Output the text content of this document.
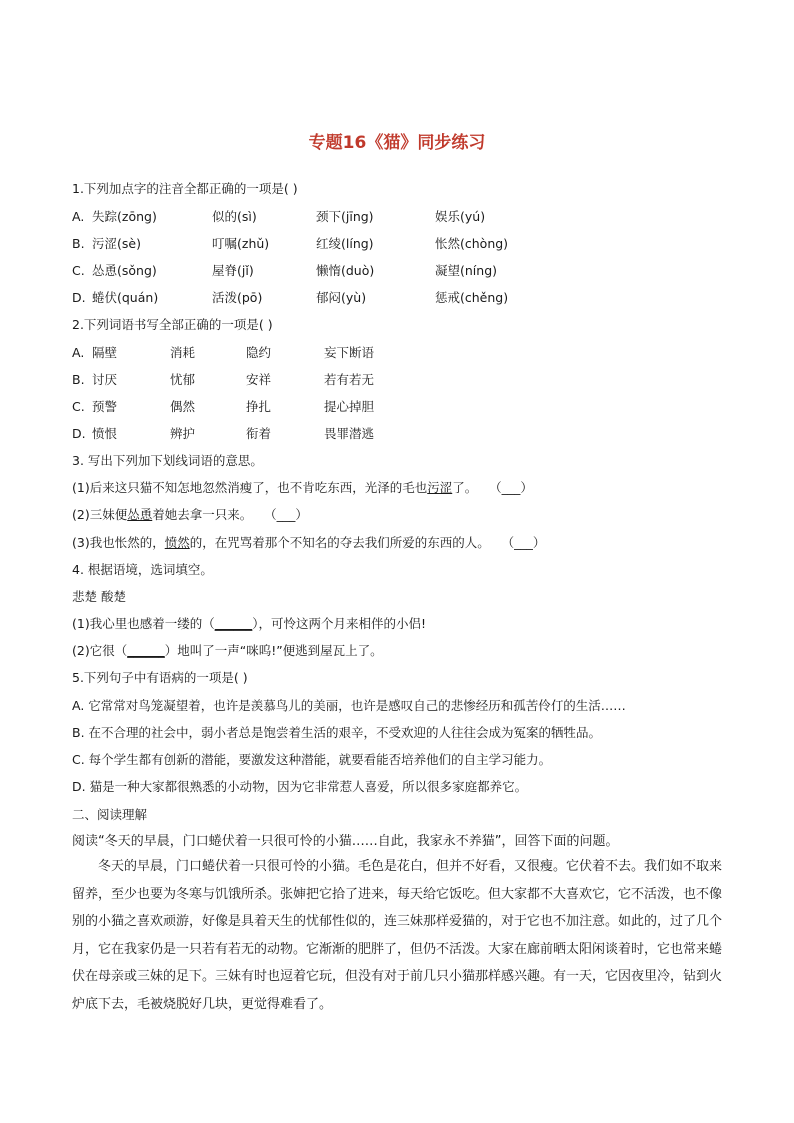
专题16《猫》同步练习
1.下列加点字的注音全都正确的一项是( )
A. 失踪(zōng)	似的(sì)	颈下(jīng)	娱乐(yú)
B. 污涩(sè)	叮嘱(zhǔ)	红绫(líng)	怅然(chòng)
C. 怂恿(sǒng)	屋脊(jǐ)	懒惰(duò)	凝望(níng)
D. 蜷伏(quán)	活泼(pō)	郁闷(yù)	惩戒(chěng)
2.下列词语书写全部正确的一项是( )
A. 隔壁	消耗	隐约	妄下断语
B. 讨厌	忧郁	安祥	若有若无
C. 预警	偶然	挣扎	提心掉胆
D. 愤恨	辨护	衔着	畏罪潜逃
3. 写出下列加下划线词语的意思。
(1)后来这只猫不知怎地忽然消瘦了，也不肯吃东西，光泽的毛也污涩了。 （___）
(2)三妹便怂恿着她去拿一只来。 （___）
(3)我也怅然的，愤然的，在咒骂着那个不知名的夺去我们所爱的东西的人。 （___）
4. 根据语境，选词填空。
悲楚 酸楚
(1)我心里也感着一缕的（______），可怜这两个月来相伴的小侣!
(2)它很（______）地叫了一声“咪呜!”便逃到屋瓦上了。
5.下列句子中有语病的一项是( )
A. 它常常对鸟笼凝望着，也许是羡慕鸟儿的美丽，也许是感叹自己的悲惨经历和孤苦伶仃的生活……
B. 在不合理的社会中，弱小者总是饱尝着生活的艰辛，不受欢迎的人往往会成为冤案的牺牲品。
C. 每个学生都有创新的潜能，要激发这种潜能，就要看能否培养他们的自主学习能力。
D. 猫是一种大家都很熟悉的小动物，因为它非常惹人喜爱，所以很多家庭都养它。
二、阅读理解
阅读“冬天的早晨，门口蜷伏着一只很可怜的小猫……自此，我家永不养猫”，回答下面的问题。
冬天的早晨，门口蜷伏着一只很可怜的小猫。毛色是花白，但并不好看，又很瘦。它伏着不去。我们如不取来留养，至少也要为冬寒与饥饿所杀。张婶把它拾了进来，每天给它饭吃。但大家都不大喜欢它，它不活泼，也不像别的小猫之喜欢顽游，好像是具着天生的忧郁性似的，连三妹那样爱猫的，对于它也不加注意。如此的，过了几个月，它在我家仍是一只若有若无的动物。它渐渐的肥胖了，但仍不活泼。大家在廊前晒太阳闲谈着时，它也常来蜷伏在母亲或三妹的足下。三妹有时也逗着它玩，但没有对于前几只小猫那样感兴趣。有一天，它因夜里冷，钻到火炉底下去，毛被烧脱好几块，更觉得难看了。
